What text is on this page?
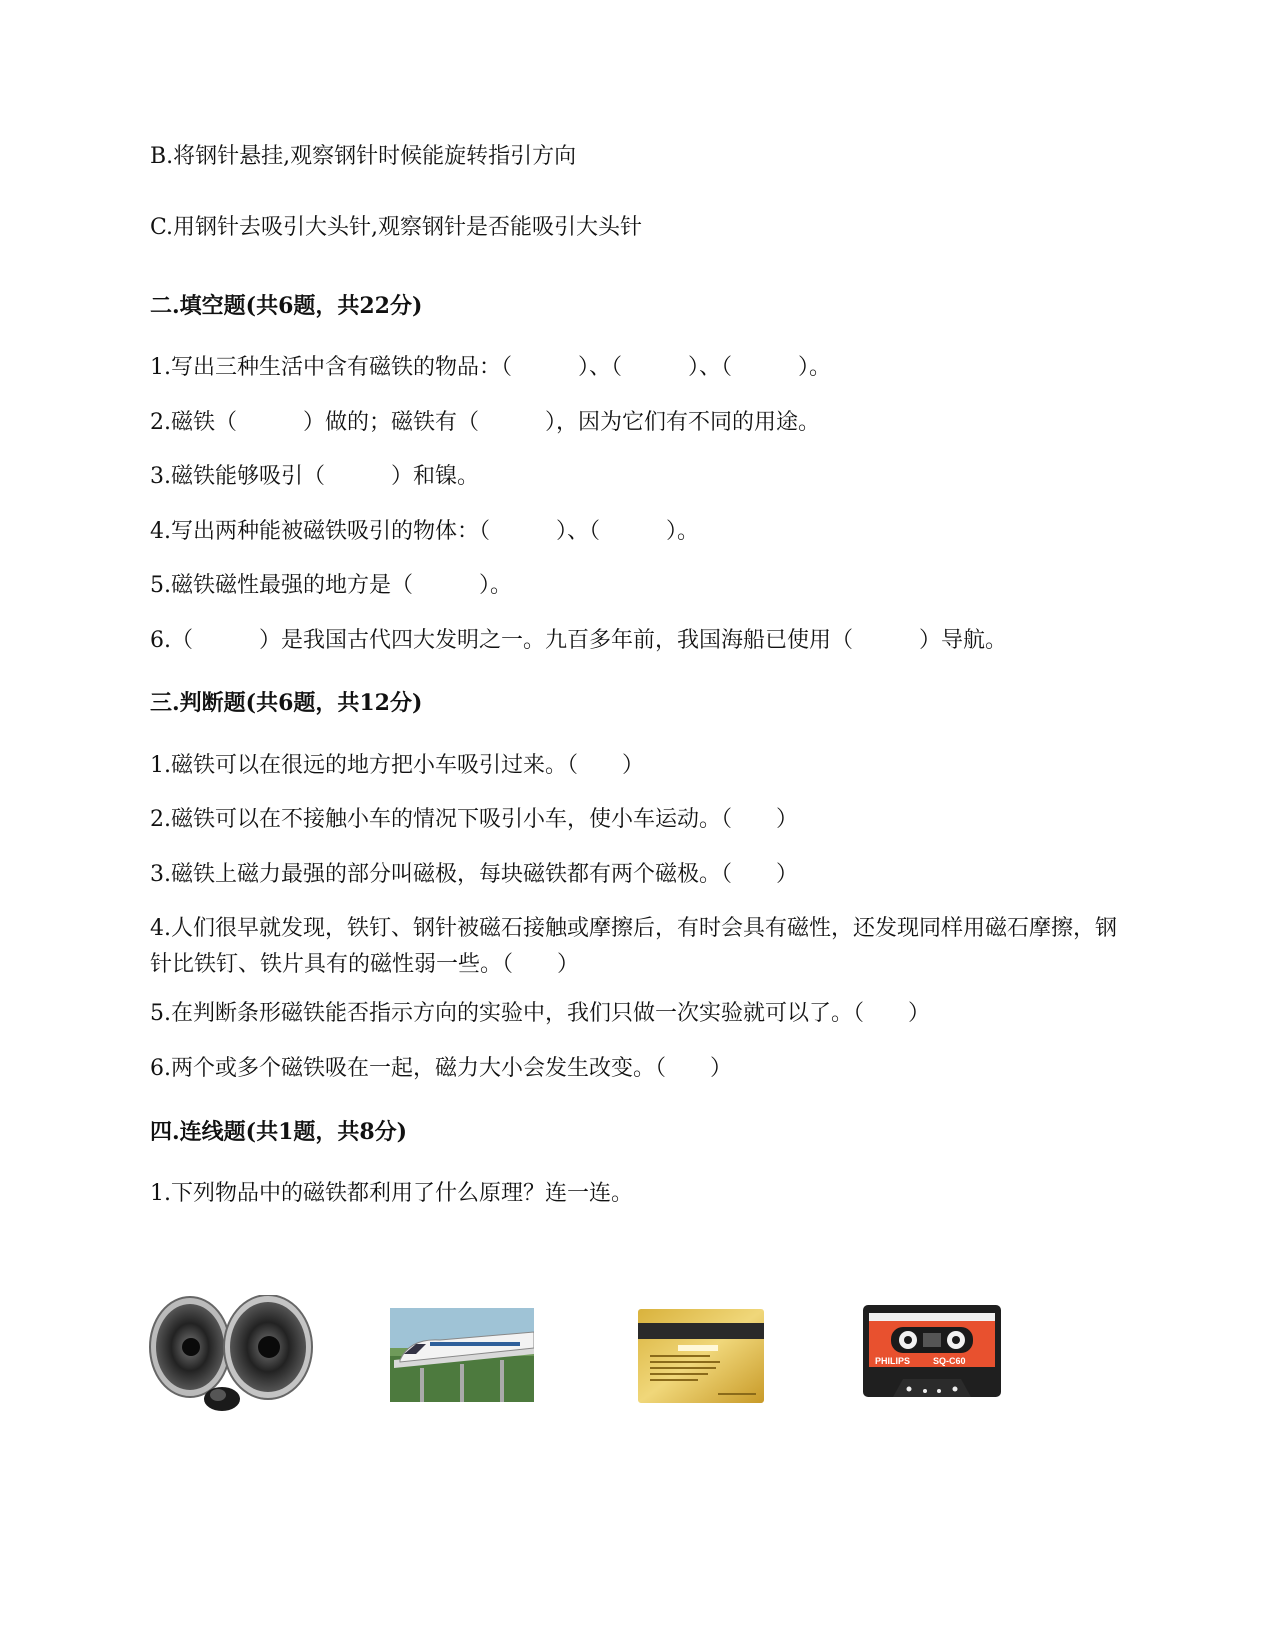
B.将钢针悬挂,观察钢针时候能旋转指引方向
C.用钢针去吸引大头针,观察钢针是否能吸引大头针
二.填空题(共6题，共22分)
1.写出三种生活中含有磁铁的物品：（　　　）、（　　　）、（　　　）。
2.磁铁（　　　）做的；磁铁有（　　　），因为它们有不同的用途。
3.磁铁能够吸引（　　　）和镍。
4.写出两种能被磁铁吸引的物体：（　　　）、（　　　）。
5.磁铁磁性最强的地方是（　　　）。
6.（　　　）是我国古代四大发明之一。九百多年前，我国海船已使用（　　　）导航。
三.判断题(共6题，共12分)
1.磁铁可以在很远的地方把小车吸引过来。（　　）
2.磁铁可以在不接触小车的情况下吸引小车，使小车运动。（　　）
3.磁铁上磁力最强的部分叫磁极，每块磁铁都有两个磁极。（　　）
4.人们很早就发现，铁钉、钢针被磁石接触或摩擦后，有时会具有磁性，还发现同样用磁石摩擦，钢针比铁钉、铁片具有的磁性弱一些。（　　）
5.在判断条形磁铁能否指示方向的实验中，我们只做一次实验就可以了。（　　）
6.两个或多个磁铁吸在一起，磁力大小会发生改变。（　　）
四.连线题(共1题，共8分)
1.下列物品中的磁铁都利用了什么原理？连一连。
PHILIPS	SQ-C60
